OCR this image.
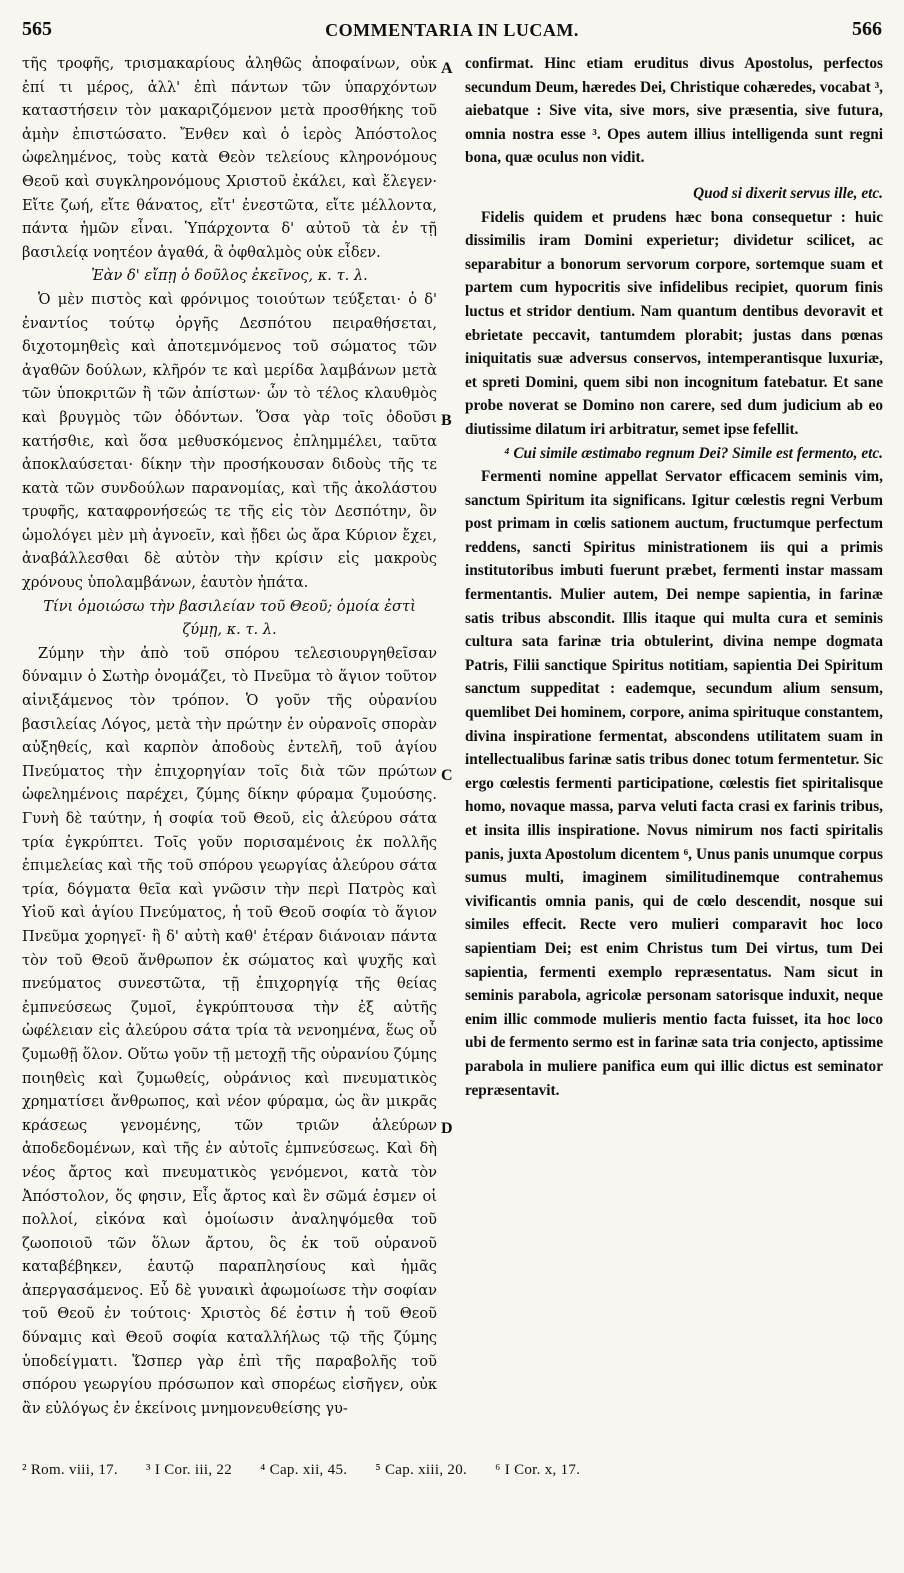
565	COMMENTARIA IN LUCAM.	566

τῆς τροφῆς, τρισμακαρίους ἀληθῶς ἀποφαίνων, οὐκ ἐπί τι μέρος, ἀλλ' ἐπὶ πάντων τῶν ὑπαρχόντων καταστήσειν τὸν μακαριζόμενον μετὰ προσθήκης τοῦ ἀμὴν ἐπιστώσατο. Ἔνθεν καὶ ὁ ἱερὸς Ἀπόστολος ὠφελημένος, τοὺς κατὰ Θεὸν τελείους κληρονόμους Θεοῦ καὶ συγκληρονόμους Χριστοῦ ἐκάλει, καὶ ἔλεγεν· Εἴτε ζωή, εἴτε θάνατος, εἴτ' ἐνεστῶτα, εἴτε μέλλοντα, πάντα ἡμῶν εἶναι. Ὑπάρχοντα δ' αὐτοῦ τὰ ἐν τῇ βασιλείᾳ νοητέον ἀγαθά, ἃ ὀφθαλμὸς οὐκ εἶδεν.

Ἐὰν δ' εἴπῃ ὁ δοῦλος ἐκεῖνος, κ. τ. λ.

Ὁ μὲν πιστὸς καὶ φρόνιμος τοιούτων τεύξεται· ὁ δ' ἐναντίος τούτῳ ὀργῆς Δεσπότου πειραθήσεται, διχοτομηθεὶς καὶ ἀποτεμνόμενος τοῦ σώματος τῶν ἀγαθῶν δούλων, κλῆρόν τε καὶ μερίδα λαμβάνων μετὰ τῶν ὑποκριτῶν ἢ τῶν ἀπίστων· ὧν τὸ τέλος κλαυθμὸς καὶ βρυγμὸς τῶν ὀδόντων. Ὅσα γὰρ τοῖς ὀδοῦσι κατήσθιε, καὶ ὅσα μεθυσκόμενος ἐπλημμέλει, ταῦτα ἀποκλαύσεται· δίκην τὴν προσήκουσαν διδοὺς τῆς τε κατὰ τῶν συνδούλων παρανομίας, καὶ τῆς ἀκολάστου τρυφῆς, καταφρονήσεώς τε τῆς εἰς τὸν Δεσπότην, ὃν ὡμολόγει μὲν μὴ ἀγνοεῖν, καὶ ᾔδει ὡς ἄρα Κύριον ἔχει, ἀναβάλλεσθαι δὲ αὐτὸν τὴν κρίσιν εἰς μακροὺς χρόνους ὑπολαμβάνων, ἑαυτὸν ἠπάτα.

Τίνι ὁμοιώσω τὴν βασιλείαν τοῦ Θεοῦ; ὁμοία ἐστὶ ζύμῃ, κ. τ. λ.

Ζύμην τὴν ἀπὸ τοῦ σπόρου τελεσιουργηθεῖσαν δύναμιν ὁ Σωτὴρ ὀνομάζει, τὸ Πνεῦμα τὸ ἅγιον τοῦτον αἰνιξάμενος τὸν τρόπον. Ὁ γοῦν τῆς οὐρανίου βασιλείας Λόγος, μετὰ τὴν πρώτην ἐν οὐρανοῖς σπορὰν αὐξηθείς, καὶ καρπὸν ἀποδοὺς ἐντελῆ, τοῦ ἁγίου Πνεύματος τὴν ἐπιχορηγίαν τοῖς διὰ τῶν πρώτων ὠφελημένοις παρέχει, ζύμης δίκην φύραμα ζυμούσης. Γυνὴ δὲ ταύτην, ἡ σοφία τοῦ Θεοῦ, εἰς ἀλεύρου σάτα τρία ἐγκρύπτει. Τοῖς γοῦν πορισαμένοις ἐκ πολλῆς ἐπιμελείας καὶ τῆς τοῦ σπόρου γεωργίας ἀλεύρου σάτα τρία, δόγματα θεῖα καὶ γνῶσιν τὴν περὶ Πατρὸς καὶ Υἱοῦ καὶ ἁγίου Πνεύματος, ἡ τοῦ Θεοῦ σοφία τὸ ἅγιον Πνεῦμα χορηγεῖ· ἢ δ' αὐτὴ καθ' ἑτέραν διάνοιαν πάντα τὸν τοῦ Θεοῦ ἄνθρωπον ἐκ σώματος καὶ ψυχῆς καὶ πνεύματος συνεστῶτα, τῇ ἐπιχορηγίᾳ τῆς θείας ἐμπνεύσεως ζυμοῖ, ἐγκρύπτουσα τὴν ἐξ αὐτῆς ὠφέλειαν εἰς ἀλεύρου σάτα τρία τὰ νενοημένα, ἕως οὗ ζυμωθῇ ὅλον. Οὕτω γοῦν τῇ μετοχῇ τῆς οὐρανίου ζύμης ποιηθεὶς καὶ ζυμωθείς, οὐράνιος καὶ πνευματικὸς χρηματίσει ἄνθρωπος, καὶ νέον φύραμα, ὡς ἂν μικρᾶς κράσεως γενομένης, τῶν τριῶν ἀλεύρων ἀποδεδομένων, καὶ τῆς ἐν αὐτοῖς ἐμπνεύσεως. Καὶ δὴ νέος ἄρτος καὶ πνευματικὸς γενόμενοι, κατὰ τὸν Ἀπόστολον, ὅς φησιν, Εἷς ἄρτος καὶ ἓν σῶμά ἐσμεν οἱ πολλοί, εἰκόνα καὶ ὁμοίωσιν ἀναληψόμεθα τοῦ ζωοποιοῦ τῶν ὅλων ἄρτου, ὃς ἐκ τοῦ οὐρανοῦ καταβέβηκεν, ἑαυτῷ παραπλησίους καὶ ἡμᾶς ἀπεργασάμενος. Εὖ δὲ γυναικὶ ἀφωμοίωσε τὴν σοφίαν τοῦ Θεοῦ ἐν τούτοις· Χριστὸς δέ ἐστιν ἡ τοῦ Θεοῦ δύναμις καὶ Θεοῦ σοφία καταλλήλως τῷ τῆς ζύμης ὑποδείγματι. Ὥσπερ γὰρ ἐπὶ τῆς παραβολῆς τοῦ σπόρου γεωργίου πρόσωπον καὶ σπορέως εἰσῆγεν, οὐκ ἂν εὐλόγως ἐν ἐκείνοις μνημονευθείσης γυ-

confirmat. Hinc etiam eruditus divus Apostolus, perfectos secundum Deum, hæredes Dei, Christique cohæredes, vocabat ³, aiebatque : Sive vita, sive mors, sive præsentia, sive futura, omnia nostra esse ³. Opes autem illius intelligenda sunt regni bona, quæ oculus non vidit.

Quod si dixerit servus ille, etc.

Fidelis quidem et prudens hæc bona consequetur : huic dissimilis iram Domini experietur; dividetur scilicet, ac separabitur a bonorum servorum corpore, sortemque suam et partem cum hypocritis sive infidelibus recipiet, quorum finis luctus et stridor dentium. Nam quantum dentibus devoravit et ebrietate peccavit, tantumdem plorabit; justas dans pœnas iniquitatis suæ adversus conservos, intemperantisque luxuriæ, et spreti Domini, quem sibi non incognitum fatebatur. Et sane probe noverat se Domino non carere, sed dum judicium ab eo diutissime dilatum iri arbitratur, semet ipse fefellit.

⁴ Cui simile æstimabo regnum Dei? Simile est fermento, etc.

Fermenti nomine appellat Servator efficacem seminis vim, sanctum Spiritum ita significans. Igitur cœlestis regni Verbum post primam in cœlis sationem auctum, fructumque perfectum reddens, sancti Spiritus ministrationem iis qui a primis institutoribus imbuti fuerunt præbet, fermenti instar massam fermentantis. Mulier autem, Dei nempe sapientia, in farinæ satis tribus abscondit. Illis itaque qui multa cura et seminis cultura sata farinæ tria obtulerint, divina nempe dogmata Patris, Filii sanctique Spiritus notitiam, sapientia Dei Spiritum sanctum suppeditat : eademque, secundum alium sensum, quemlibet Dei hominem, corpore, anima spirituque constantem, divina inspiratione fermentat, abscondens utilitatem suam in intellectualibus farinæ satis tribus donec totum fermentetur. Sic ergo cœlestis fermenti participatione, cœlestis fiet spiritalisque homo, novaque massa, parva veluti facta crasi ex farinis tribus, et insita illis inspiratione. Novus nimirum nos facti spiritalis panis, juxta Apostolum dicentem ⁶, Unus panis unumque corpus sumus multi, imaginem similitudinemque contrahemus vivificantis omnia panis, qui de cœlo descendit, nosque sui similes effecit. Recte vero mulieri comparavit hoc loco sapientiam Dei; est enim Christus tum Dei virtus, tum Dei sapientia, fermenti exemplo repræsentatus. Nam sicut in seminis parabola, agricolæ personam satorisque induxit, neque enim illic commode mulieris mentio facta fuisset, ita hoc loco ubi de fermento sermo est in farinæ sata tria conjecto, aptissime parabola in muliere panifica eum qui illic dictus est seminator repræsentavit.

A
B
C
D
² Rom. viii, 17. ³ I Cor. iii, 22 ⁴ Cap. xii, 45. ⁵ Cap. xiii, 20. ⁶ I Cor. x, 17.
